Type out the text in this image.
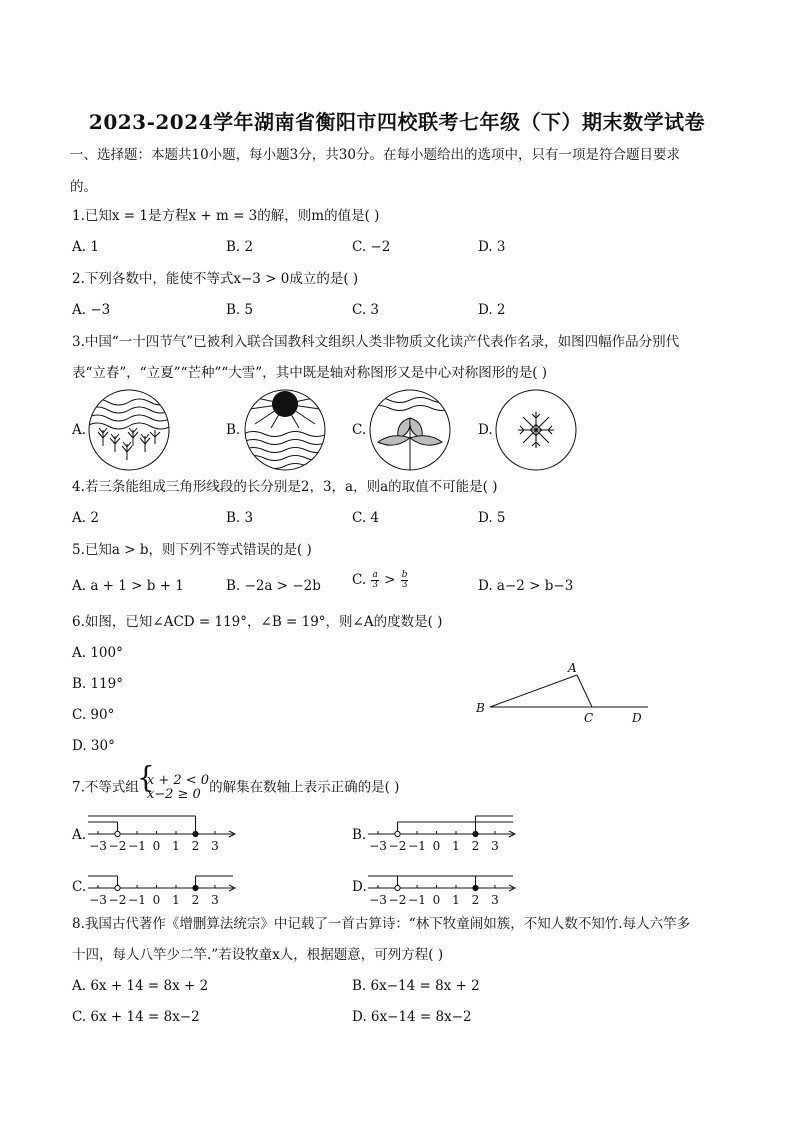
2023-2024学年湖南省衡阳市四校联考七年级（下）期末数学试卷
一、选择题：本题共10小题，每小题3分，共30分。在每小题给出的选项中，只有一项是符合题目要求
的。
1.已知x = 1是方程x + m = 3的解，则m的值是( )
A. 1	B. 2	C. −2	D. 3
2.下列各数中，能使不等式x−3 > 0成立的是( )
A. −3	B. 5	C. 3	D. 2
3.中国“一十四节气”已被利入联合国教科文组织人类非物质文化读产代表作名录，如图四幅作品分别代
表“立春”，“立夏”“芒种”“大雪”，其中既是轴对称图形又是中心对称图形的是( )
A.	B.	C.	D.
4.若三条能组成三角形线段的长分别是2，3，a，则a的取值不可能是( )
A. 2	B. 3	C. 4	D. 5
5.已知a > b，则下列不等式错误的是( )
A. a + 1 > b + 1	B. −2a > −2b C. $\frac{a}{3} > \frac{b}{3}$	D. a−2 > b−3
6.如图，已知∠ACD = 119°，∠B = 19°，则∠A的度数是( )
A. 100°
B. 119°
C. 90°
D. 30°
A
B
C	D
7.不等式组{ x + 2 < 0
x−2 ≥ 0 的解集在数轴上表示正确的是( )
A.	B.
C.	D.
−3 −2 −1 0 1 2 3	−3 −2 −1 0 1 2 3
−3 −2 −1 0 1 2 3	−3 −2 −1 0 1 2 3
8.我国古代著作《增删算法统宗》中记载了一首古算诗：“林下牧童闹如簇，不知人数不知竹.每人六竿多
十四，每人八竿少二竿.”若设牧童x人，根据题意，可列方程( )
A. 6x + 14 = 8x + 2	B. 6x−14 = 8x + 2
C. 6x + 14 = 8x−2	D. 6x−14 = 8x−2
